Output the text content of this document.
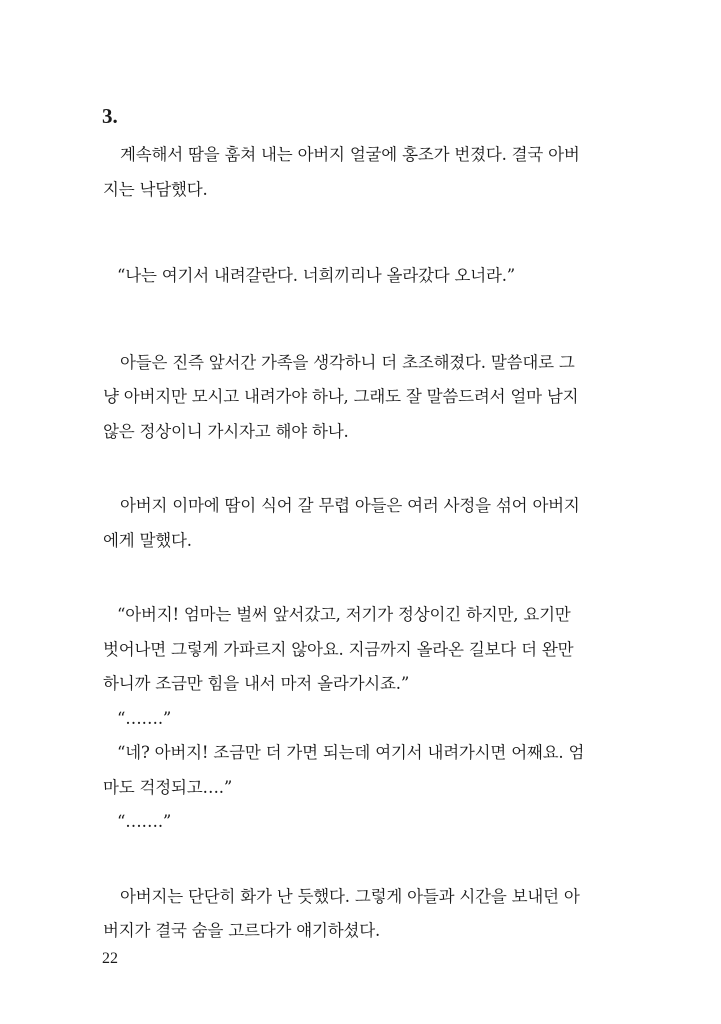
3.
계속해서 땀을 훔쳐 내는 아버지 얼굴에 홍조가 번졌다. 결국 아버
지는 낙담했다.
“나는 여기서 내려갈란다. 너희끼리나 올라갔다 오너라.”
아들은 진즉 앞서간 가족을 생각하니 더 초조해졌다. 말씀대로 그
냥 아버지만 모시고 내려가야 하나, 그래도 잘 말씀드려서 얼마 남지
않은 정상이니 가시자고 해야 하나.
아버지 이마에 땀이 식어 갈 무렵 아들은 여러 사정을 섞어 아버지
에게 말했다.
“아버지! 엄마는 벌써 앞서갔고, 저기가 정상이긴 하지만, 요기만
벗어나면 그렇게 가파르지 않아요. 지금까지 올라온 길보다 더 완만
하니까 조금만 힘을 내서 마저 올라가시죠.”
“…….”
“네? 아버지! 조금만 더 가면 되는데 여기서 내려가시면 어째요. 엄
마도 걱정되고….”
“…….”
아버지는 단단히 화가 난 듯했다. 그렇게 아들과 시간을 보내던 아
버지가 결국 숨을 고르다가 얘기하셨다.
22
